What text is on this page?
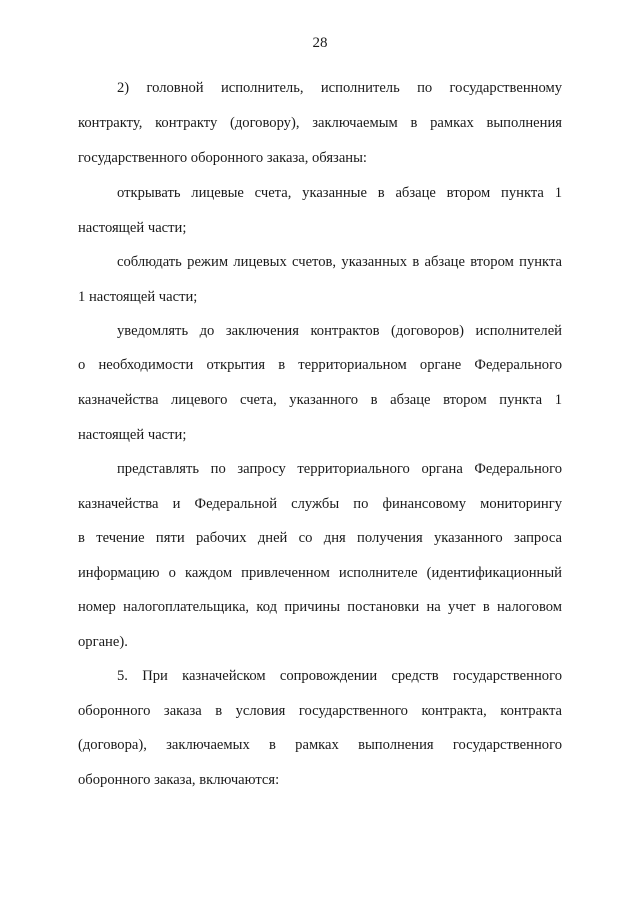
28
2) головной исполнитель, исполнитель по государственному
контракту, контракту (договору), заключаемым в рамках выполнения
государственного оборонного заказа, обязаны:
открывать лицевые счета, указанные в абзаце втором пункта 1
настоящей части;
соблюдать режим лицевых счетов, указанных в абзаце втором пункта
1 настоящей части;
уведомлять до заключения контрактов (договоров) исполнителей
о необходимости открытия в территориальном органе Федерального
казначейства лицевого счета, указанного в абзаце втором пункта 1
настоящей части;
представлять по запросу территориального органа Федерального
казначейства и Федеральной службы по финансовому мониторингу
в течение пяти рабочих дней со дня получения указанного запроса
информацию о каждом привлеченном исполнителе (идентификационный
номер налогоплательщика, код причины постановки на учет в налоговом
органе).
5. При казначейском сопровождении средств государственного
оборонного заказа в условия государственного контракта, контракта
(договора), заключаемых в рамках выполнения государственного
оборонного заказа, включаются:
